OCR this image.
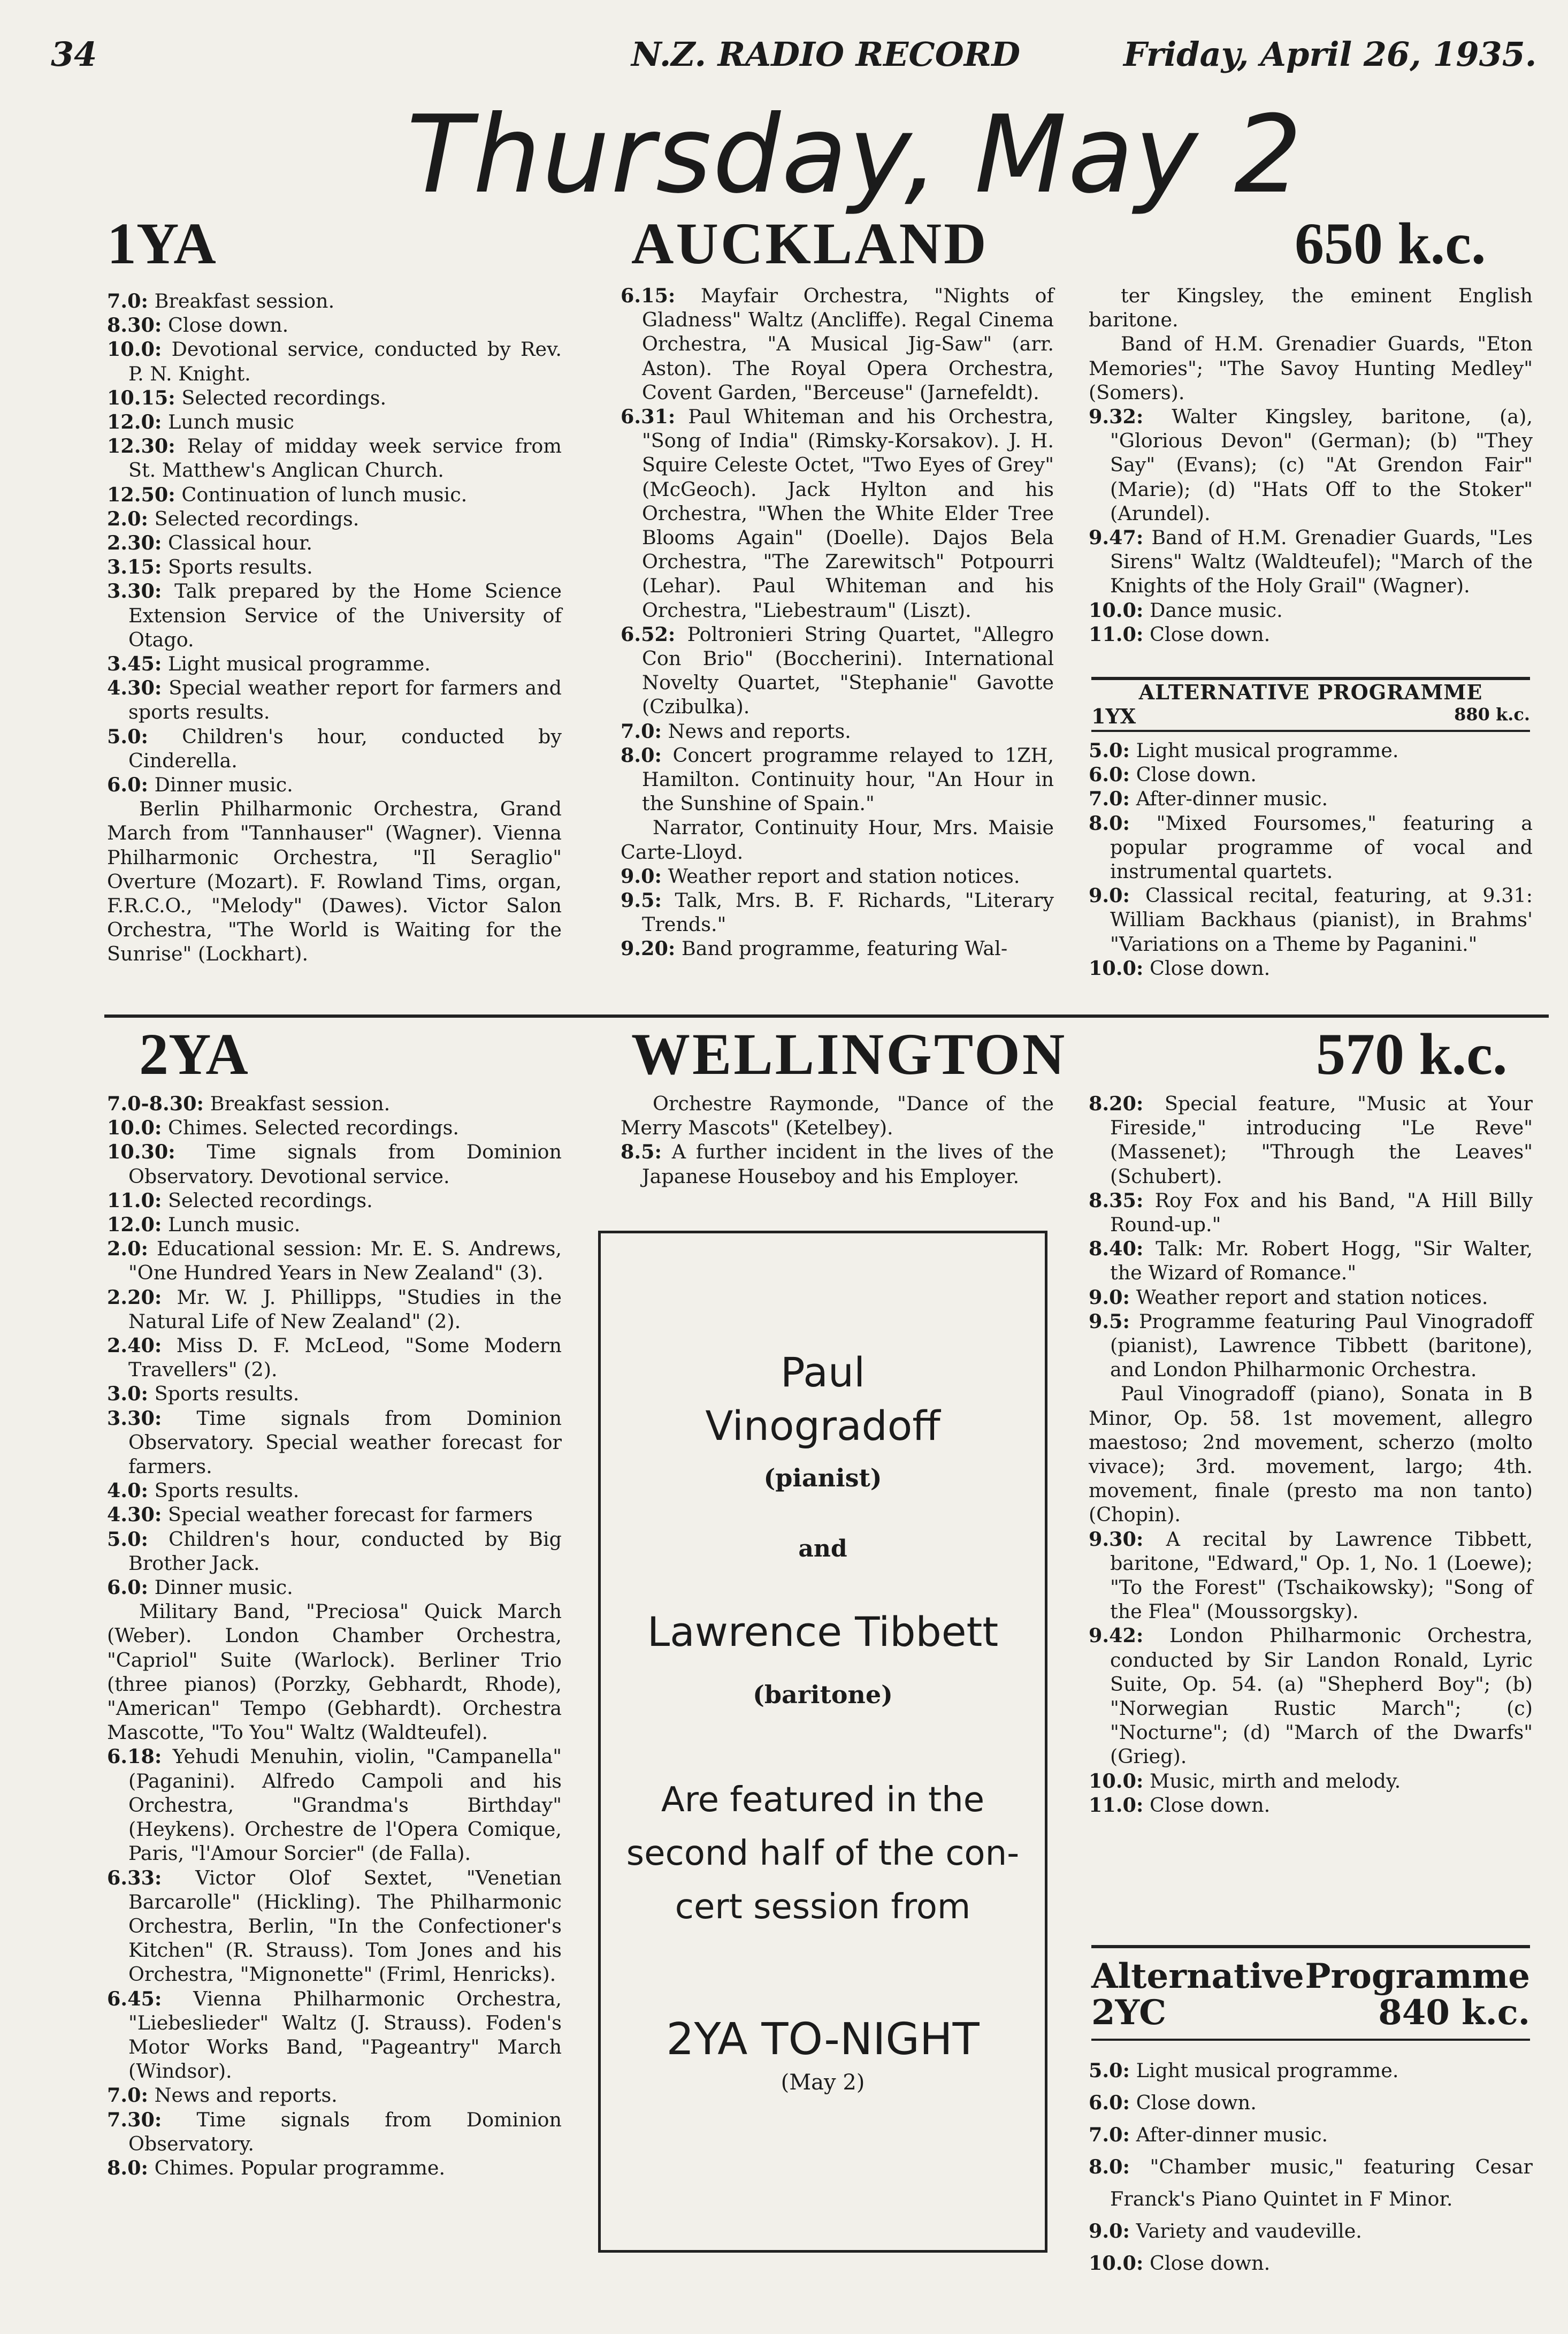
34	N.Z. RADIO RECORD	Friday, April 26, 1935.
Thursday, May 2
1YA	AUCKLAND	650 k.c.

7.0: Breakfast session.

8.30: Close down.

10.0: Devotional service, conducted by Rev. P. N. Knight.

10.15: Selected recordings.

12.0: Lunch music

12.30: Relay of midday week service from St. Matthew's Anglican Church.

12.50: Continuation of lunch music.

2.0: Selected recordings.

2.30: Classical hour.

3.15: Sports results.

3.30: Talk prepared by the Home Science Extension Service of the University of Otago.

3.45: Light musical programme.

4.30: Special weather report for farmers and sports results.

5.0: Children's hour, conducted by Cinderella.

6.0: Dinner music.

Berlin Philharmonic Orchestra, Grand March from "Tannhauser" (Wagner). Vienna Philharmonic Orchestra, "Il Seraglio" Overture (Mozart). F. Rowland Tims, organ, F.R.C.O., "Melody" (Dawes). Victor Salon Orchestra, "The World is Waiting for the Sunrise" (Lockhart).

6.15: Mayfair Orchestra, "Nights of Gladness" Waltz (Ancliffe). Regal Cinema Orchestra, "A Musical Jig-Saw" (arr. Aston). The Royal Opera Orchestra, Covent Garden, "Berceuse" (Jarnefeldt).

6.31: Paul Whiteman and his Orchestra, "Song of India" (Rimsky-Korsakov). J. H. Squire Celeste Octet, "Two Eyes of Grey" (McGeoch). Jack Hylton and his Orchestra, "When the White Elder Tree Blooms Again" (Doelle). Dajos Bela Orchestra, "The Zarewitsch" Potpourri (Lehar). Paul Whiteman and his Orchestra, "Liebestraum" (Liszt).

6.52: Poltronieri String Quartet, "Allegro Con Brio" (Boccherini). International Novelty Quartet, "Stephanie" Gavotte (Czibulka).

7.0: News and reports.

8.0: Concert programme relayed to 1ZH, Hamilton. Continuity hour, "An Hour in the Sunshine of Spain."

Narrator, Continuity Hour, Mrs. Maisie Carte-Lloyd.

9.0: Weather report and station notices.

9.5: Talk, Mrs. B. F. Richards, "Literary Trends."

9.20: Band programme, featuring Wal-

ter Kingsley, the eminent English baritone.

Band of H.M. Grenadier Guards, "Eton Memories"; "The Savoy Hunting Medley" (Somers).

9.32: Walter Kingsley, baritone, (a), "Glorious Devon" (German); (b) "They Say" (Evans); (c) "At Grendon Fair" (Marie); (d) "Hats Off to the Stoker" (Arundel).

9.47: Band of H.M. Grenadier Guards, "Les Sirens" Waltz (Waldteufel); "March of the Knights of the Holy Grail" (Wagner).

10.0: Dance music.

11.0: Close down.

ALTERNATIVE PROGRAMME
1YX	880 k.c.

5.0: Light musical programme.

6.0: Close down.

7.0: After-dinner music.

8.0: "Mixed Foursomes," featuring a popular programme of vocal and instrumental quartets.

9.0: Classical recital, featuring, at 9.31: William Backhaus (pianist), in Brahms' "Variations on a Theme by Paganini."

10.0: Close down.

2YA	WELLINGTON	570 k.c.

7.0-8.30: Breakfast session.

10.0: Chimes. Selected recordings.

10.30: Time signals from Dominion Observatory. Devotional service.

11.0: Selected recordings.

12.0: Lunch music.

2.0: Educational session: Mr. E. S. Andrews, "One Hundred Years in New Zealand" (3).

2.20: Mr. W. J. Phillipps, "Studies in the Natural Life of New Zealand" (2).

2.40: Miss D. F. McLeod, "Some Modern Travellers" (2).

3.0: Sports results.

3.30: Time signals from Dominion Observatory. Special weather forecast for farmers.

4.0: Sports results.

4.30: Special weather forecast for farmers

5.0: Children's hour, conducted by Big Brother Jack.

6.0: Dinner music.

Military Band, "Preciosa" Quick March (Weber). London Chamber Orchestra, "Capriol" Suite (Warlock). Berliner Trio (three pianos) (Porzky, Gebhardt, Rhode), "American" Tempo (Gebhardt). Orchestra Mascotte, "To You" Waltz (Waldteufel).

6.18: Yehudi Menuhin, violin, "Campanella" (Paganini). Alfredo Campoli and his Orchestra, "Grandma's Birthday" (Heykens). Orchestre de l'Opera Comique, Paris, "l'Amour Sorcier" (de Falla).

6.33: Victor Olof Sextet, "Venetian Barcarolle" (Hickling). The Philharmonic Orchestra, Berlin, "In the Confectioner's Kitchen" (R. Strauss). Tom Jones and his Orchestra, "Mignonette" (Friml, Henricks).

6.45: Vienna Philharmonic Orchestra, "Liebeslieder" Waltz (J. Strauss). Foden's Motor Works Band, "Pageantry" March (Windsor).

7.0: News and reports.

7.30: Time signals from Dominion Observatory.

8.0: Chimes. Popular programme.

Orchestre Raymonde, "Dance of the Merry Mascots" (Ketelbey).

8.5: A further incident in the lives of the Japanese Houseboy and his Employer.

Paul
Vinogradoff
(pianist)
and
Lawrence Tibbett
(baritone)
Are featured in the
second half of the con-
cert session from
2YA TO-NIGHT
(May 2)

8.20: Special feature, "Music at Your Fireside," introducing "Le Reve" (Massenet); "Through the Leaves" (Schubert).

8.35: Roy Fox and his Band, "A Hill Billy Round-up."

8.40: Talk: Mr. Robert Hogg, "Sir Walter, the Wizard of Romance."

9.0: Weather report and station notices.

9.5: Programme featuring Paul Vinogradoff (pianist), Lawrence Tibbett (baritone), and London Philharmonic Orchestra.

Paul Vinogradoff (piano), Sonata in B Minor, Op. 58. 1st movement, allegro maestoso; 2nd movement, scherzo (molto vivace); 3rd. movement, largo; 4th. movement, finale (presto ma non tanto) (Chopin).

9.30: A recital by Lawrence Tibbett, baritone, "Edward," Op. 1, No. 1 (Loewe); "To the Forest" (Tschaikowsky); "Song of the Flea" (Moussorgsky).

9.42: London Philharmonic Orchestra, conducted by Sir Landon Ronald, Lyric Suite, Op. 54. (a) "Shepherd Boy"; (b) "Norwegian Rustic March"; (c) "Nocturne"; (d) "March of the Dwarfs" (Grieg).

10.0: Music, mirth and melody.

11.0: Close down.

Alternative Programme
2YC	840 k.c.

5.0: Light musical programme.

6.0: Close down.

7.0: After-dinner music.

8.0: "Chamber music," featuring Cesar Franck's Piano Quintet in F Minor.

9.0: Variety and vaudeville.

10.0: Close down.
